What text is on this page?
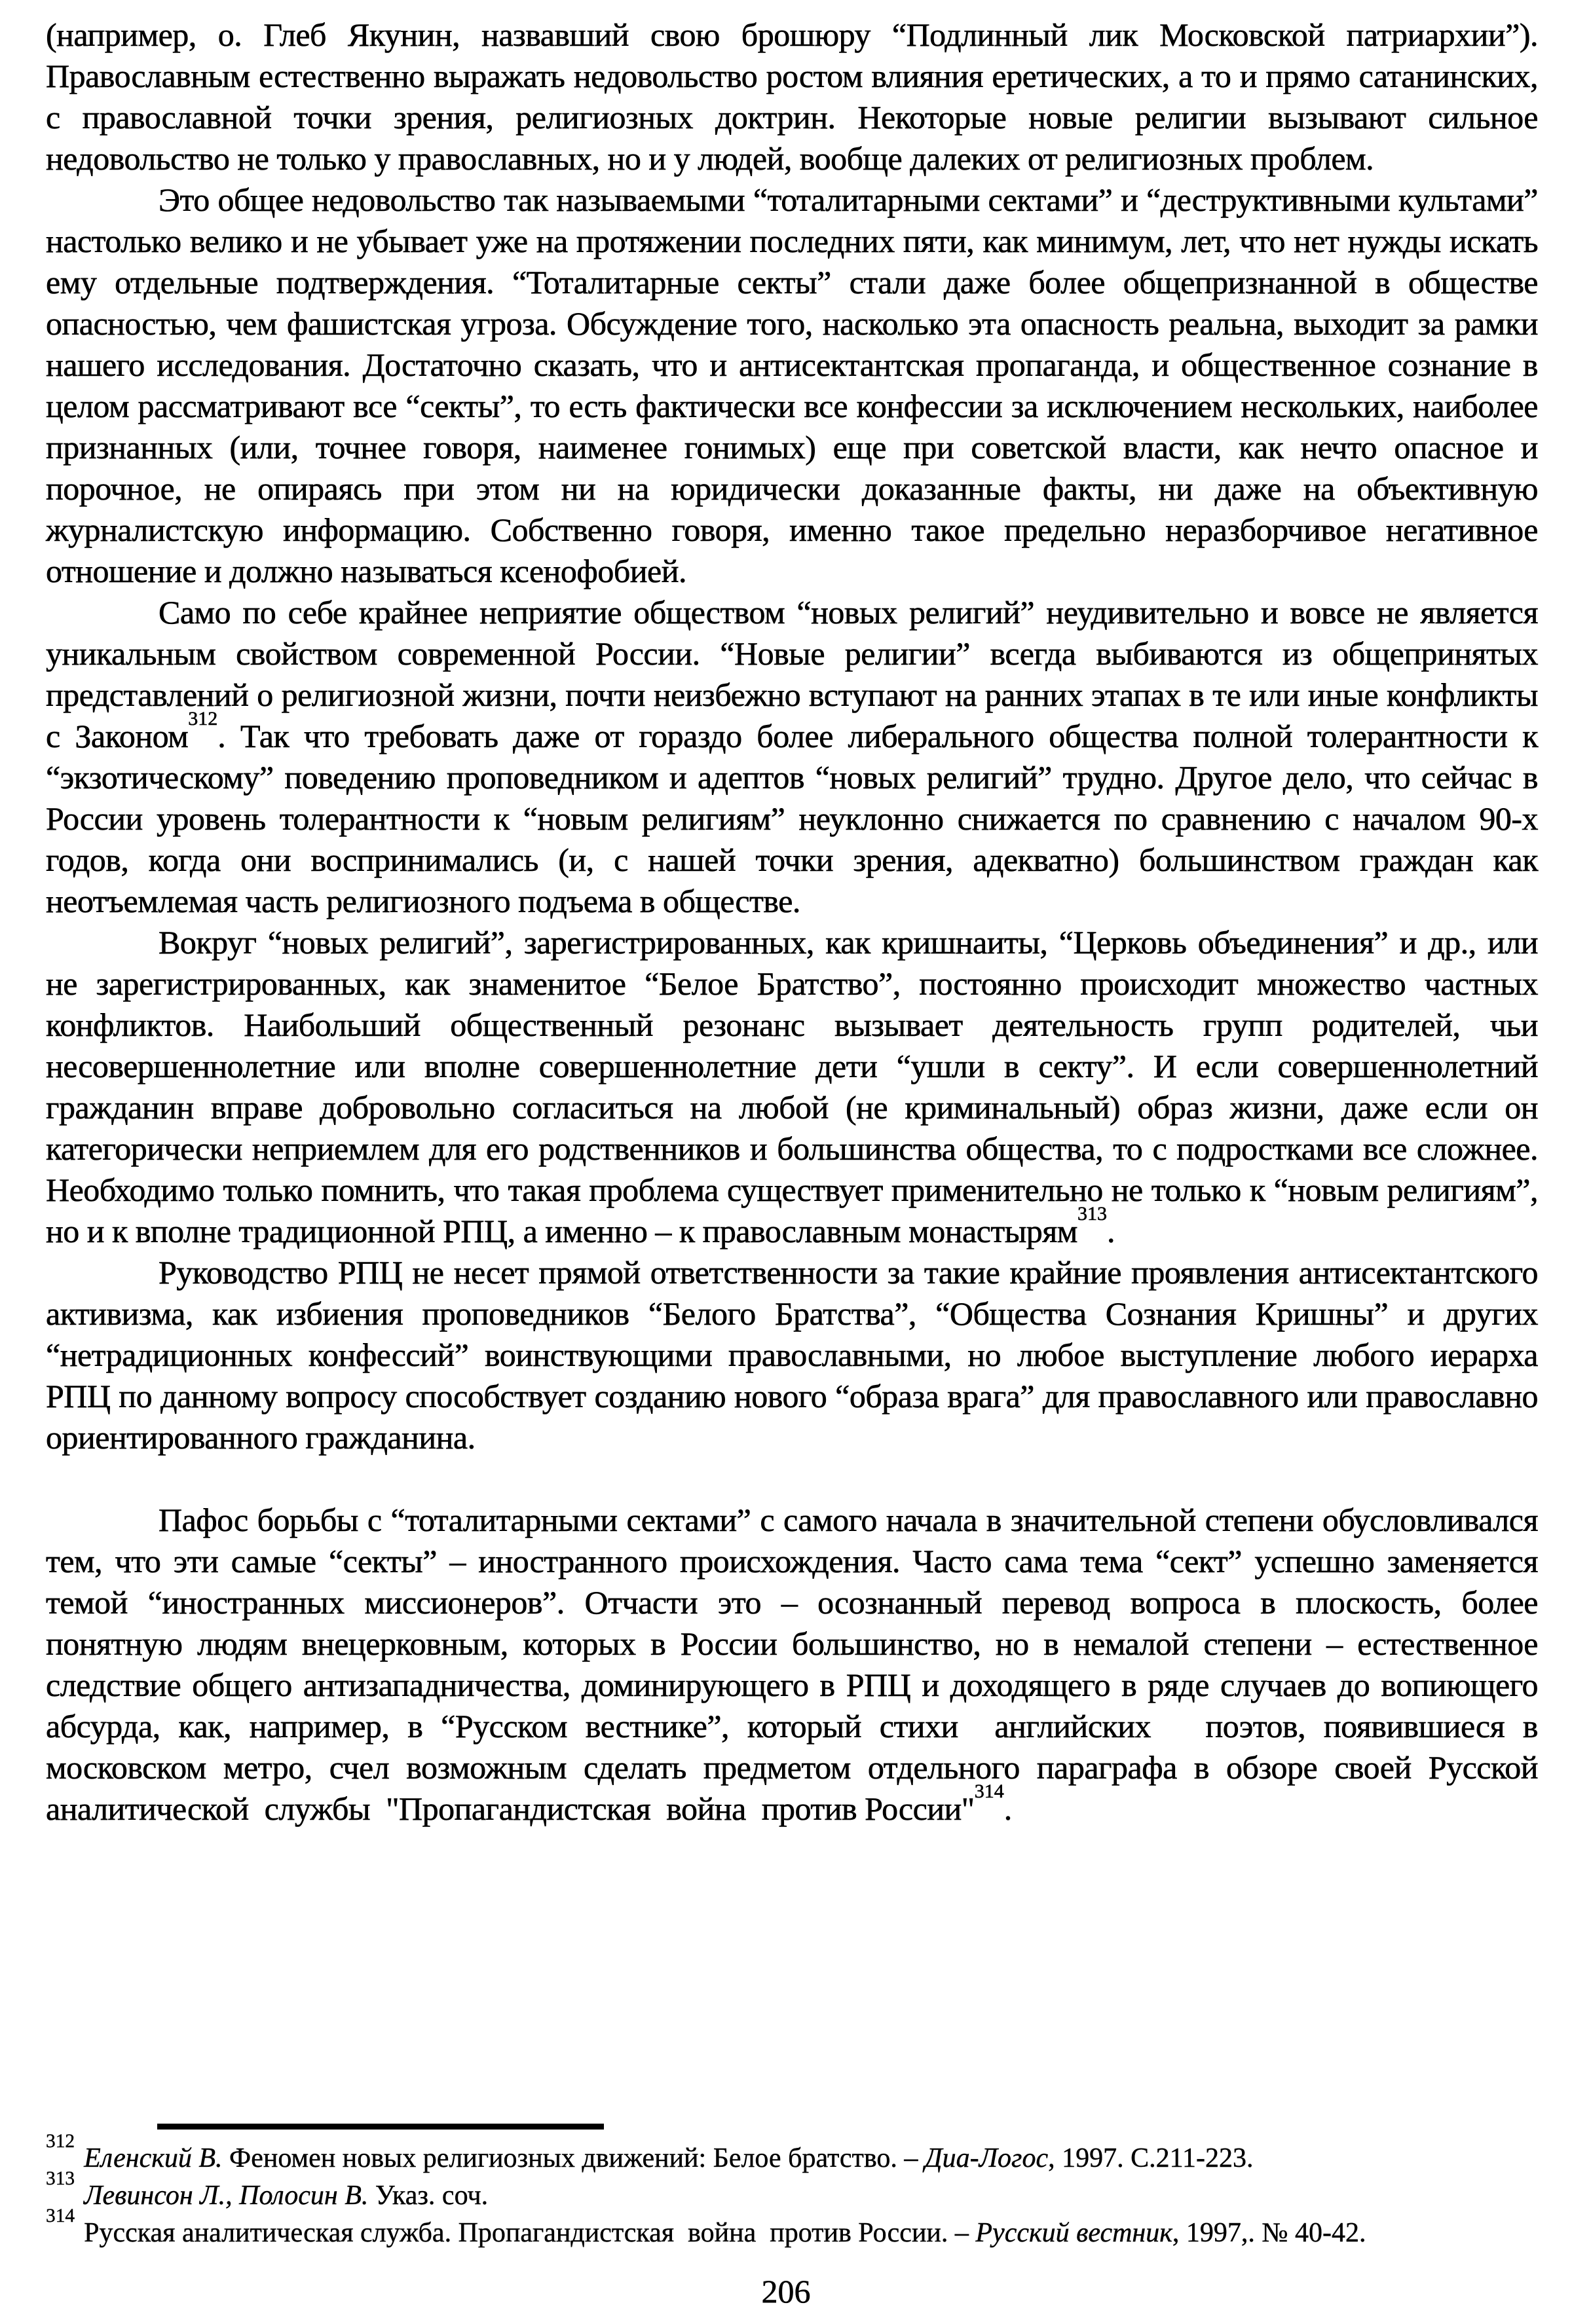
(например, о. Глеб Якунин, назвавший свою брошюру “Подлинный лик Московской патриархии”). Православным естественно выражать недовольство ростом влияния еретических, а то и прямо сатанинских, с православной точки зрения, религиозных доктрин. Некоторые новые религии вызывают сильное недовольство не только у православных, но и у людей, вообще далеких от религиозных проблем.

Это общее недовольство так называемыми “тоталитарными сектами” и “деструктивными культами” настолько велико и не убывает уже на протяжении последних пяти, как минимум, лет, что нет нужды искать ему отдельные подтверждения. “Тоталитарные секты” стали даже более общепризнанной в обществе опасностью, чем фашистская угроза. Обсуждение того, насколько эта опасность реальна, выходит за рамки нашего исследования. Достаточно сказать, что и антисектантская пропаганда, и общественное сознание в целом рассматривают все “секты”, то есть фактически все конфессии за исключением нескольких, наиболее признанных (или, точнее говоря, наименее гонимых) еще при советской власти, как нечто опасное и порочное, не опираясь при этом ни на юридически доказанные факты, ни даже на объективную журналистскую информацию. Собственно говоря, именно такое предельно неразборчивое негативное отношение и должно называться ксенофобией.

Само по себе крайнее неприятие обществом “новых религий” неудивительно и вовсе не является уникальным свойством современной России. “Новые религии” всегда выбиваются из общепринятых представлений о религиозной жизни, почти неизбежно вступают на ранних этапах в те или иные конфликты с Законом$^{312}$. Так что требовать даже от гораздо более либерального общества полной толерантности к “экзотическому” поведению проповедником и адептов “новых религий” трудно. Другое дело, что сейчас в России уровень толерантности к “новым религиям” неуклонно снижается по сравнению с началом 90-х годов, когда они воспринимались (и, с нашей точки зрения, адекватно) большинством граждан как неотъемлемая часть религиозного подъема в обществе.

Вокруг “новых религий”, зарегистрированных, как кришнаиты, “Церковь объединения” и др., или не зарегистрированных, как знаменитое “Белое Братство”, постоянно происходит множество частных конфликтов. Наибольший общественный резонанс вызывает деятельность групп родителей, чьи несовершеннолетние или вполне совершеннолетние дети “ушли в секту”. И если совершеннолетний гражданин вправе добровольно согласиться на любой (не криминальный) образ жизни, даже если он категорически неприемлем для его родственников и большинства общества, то с подростками все сложнее. Необходимо только помнить, что такая проблема существует применительно не только к “новым религиям”, но и к вполне традиционной РПЦ, а именно – к православным монастырям$^{313}$.

Руководство РПЦ не несет прямой ответственности за такие крайние проявления антисектантского активизма, как избиения проповедников “Белого Братства”, “Общества Сознания Кришны” и других “нетрадиционных конфессий” воинствующими православными, но любое выступление любого иерарха РПЦ по данному вопросу способствует созданию нового “образа врага” для православного или православно ориентированного гражданина.

Пафос борьбы с “тоталитарными сектами” с самого начала в значительной степени обусловливался тем, что эти самые “секты” – иностранного происхождения. Часто сама тема “сект” успешно заменяется темой “иностранных миссионеров”. Отчасти это – осознанный перевод вопроса в плоскость, более понятную людям внецерковным, которых в России большинство, но в немалой степени – естественное следствие общего антизападничества, доминирующего в РПЦ и доходящего в ряде случаев до вопиющего абсурда, как, например, в “Русском вестнике”, который стихи  английских   поэтов, появившиеся в московском метро, счел возможным сделать предметом отдельного параграфа в обзоре своей Русской аналитической  службы  "Пропагандистская  война  против России"$^{314}$.

$^{312}$Еленский В. Феномен новых религиозных движений: Белое братство. – Диа-Логос, 1997. С.211-223.

$^{313}$Левинсон Л., Полосин В. Указ. соч.

$^{314}$Русская аналитическая служба. Пропагандистская  война  против России. – Русский вестник, 1997,. № 40-42.

206
